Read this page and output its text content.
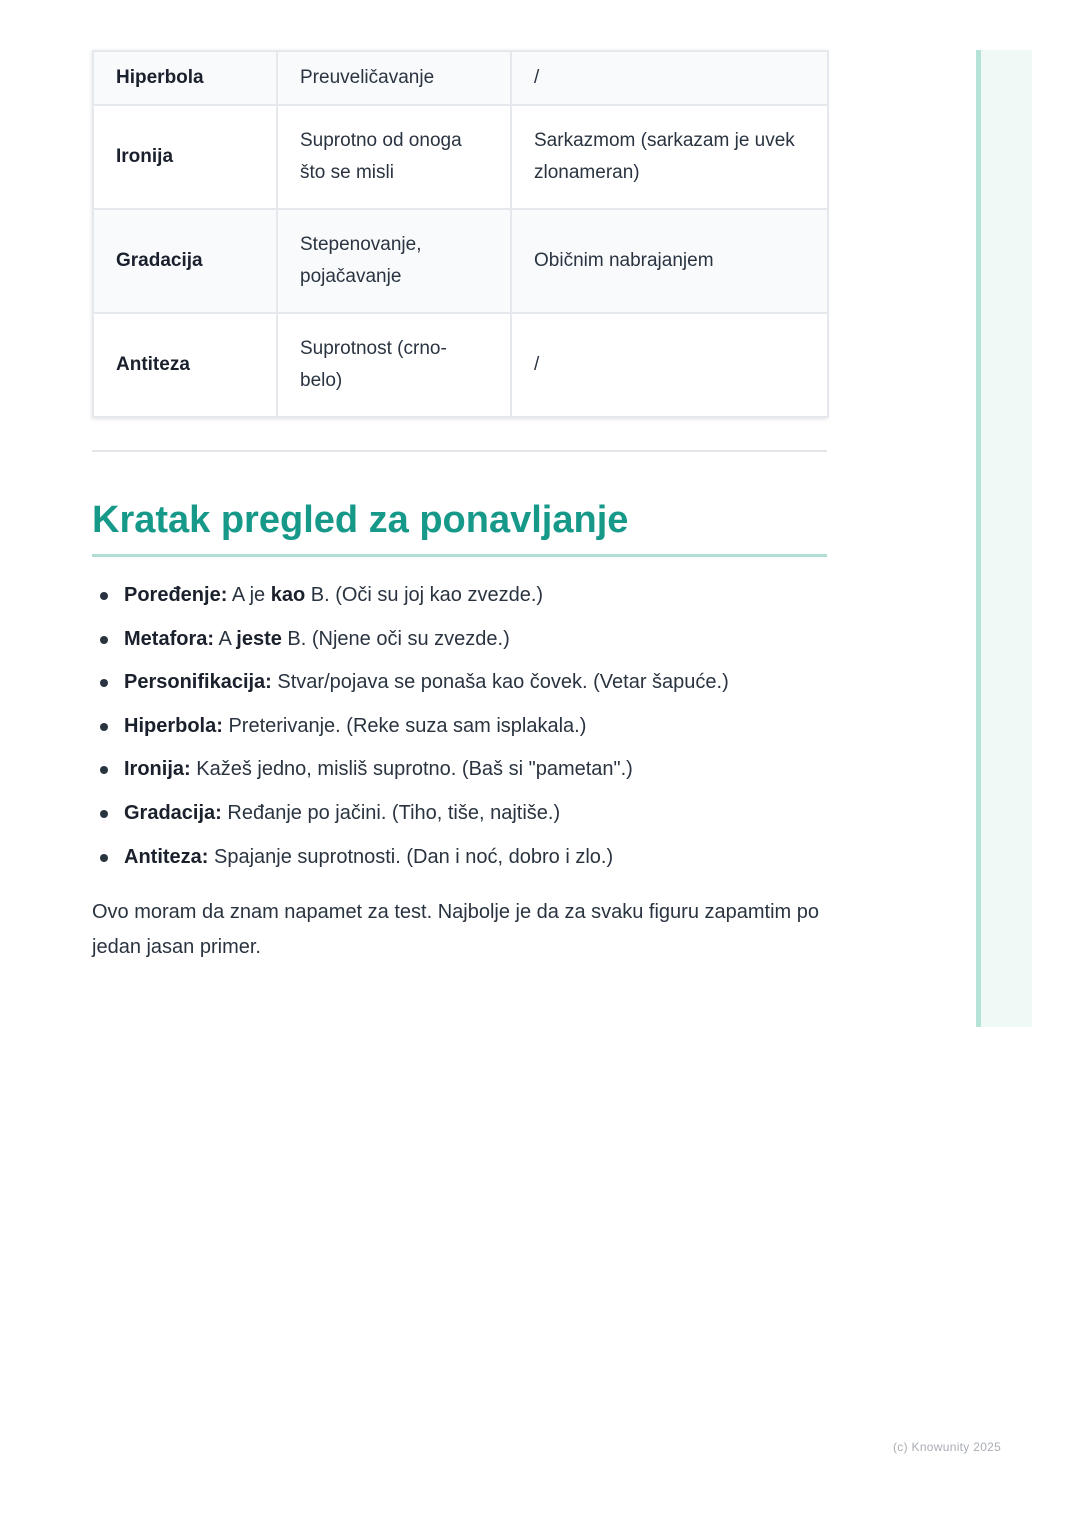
Hiperbola	Preuveličavanje	/
Ironija	Suprotno od onoga što se misli	Sarkazmom (sarkazam je uvek zlonameran)
Gradacija	Stepenovanje, pojačavanje	Običnim nabrajanjem
Antiteza	Suprotnost (crno-belo)	/
Kratak pregled za ponavljanje
Poređenje: A je kao B. (Oči su joj kao zvezde.)
Metafora: A jeste B. (Njene oči su zvezde.)
Personifikacija: Stvar/pojava se ponaša kao čovek. (Vetar šapuće.)
Hiperbola: Preterivanje. (Reke suza sam isplakala.)
Ironija: Kažeš jedno, misliš suprotno. (Baš si "pametan".)
Gradacija: Ređanje po jačini. (Tiho, tiše, najtiše.)
Antiteza: Spajanje suprotnosti. (Dan i noć, dobro i zlo.)

Ovo moram da znam napamet za test. Najbolje je da za svaku figuru zapamtim po jedan jasan primer.

(c) Knowunity 2025
